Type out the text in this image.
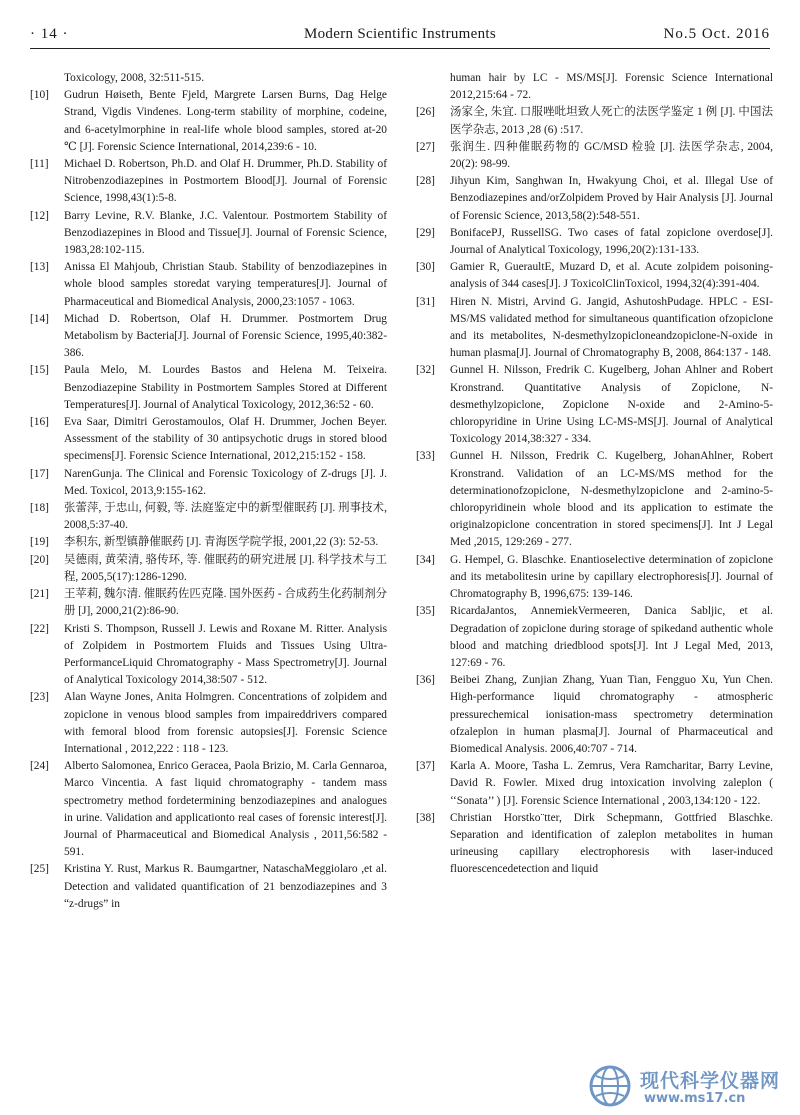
· 14 ·	Modern Scientific Instruments	No.5 Oct. 2016
Toxicology, 2008, 32:511-515.
[10] Gudrun Høiseth, Bente Fjeld, Margrete Larsen Burns, Dag Helge Strand, Vigdis Vindenes. Long-term stability of morphine, codeine, and 6-acetylmorphine in real-life whole blood samples, stored at-20 ℃ [J]. Forensic Science International, 2014,239:6 - 10.
[11] Michael D. Robertson, Ph.D. and Olaf H. Drummer, Ph.D. Stability of Nitrobenzodiazepines in Postmortem Blood[J]. Journal of Forensic Science, 1998,43(1):5-8.
[12] Barry Levine, R.V. Blanke, J.C. Valentour. Postmortem Stability of Benzodiazepines in Blood and Tissue[J]. Journal of Forensic Science, 1983,28:102-115.
[13] Anissa El Mahjoub, Christian Staub. Stability of benzodiazepines in whole blood samples storedat varying temperatures[J]. Journal of Pharmaceutical and Biomedical Analysis, 2000,23:1057 - 1063.
[14] Michad D. Robertson, Olaf H. Drummer. Postmortem Drug Metabolism by Bacteria[J]. Journal of Forensic Science, 1995,40:382-386.
[15] Paula Melo, M. Lourdes Bastos and Helena M. Teixeira. Benzodiazepine Stability in Postmortem Samples Stored at Different Temperatures[J]. Journal of Analytical Toxicology, 2012,36:52 - 60.
[16] Eva Saar, Dimitri Gerostamoulos, Olaf H. Drummer, Jochen Beyer. Assessment of the stability of 30 antipsychotic drugs in stored blood specimens[J]. Forensic Science International, 2012,215:152 - 158.
[17] NarenGunja. The Clinical and Forensic Toxicology of Z-drugs [J]. J. Med. Toxicol, 2013,9:155-162.
[18] 张蕾萍, 于忠山, 何毅, 等. 法庭鉴定中的新型催眠药 [J]. 刑事技术, 2008,5:37-40.
[19] 李积东, 新型镇静催眠药 [J]. 青海医学院学报, 2001,22 (3): 52-53.
[20] 吴德雨, 黄荣清, 骆传环, 等. 催眠药的研究进展 [J]. 科学技术与工程, 2005,5(17):1286-1290.
[21] 王苹莉, 魏尔清. 催眠药佐匹克隆. 国外医药 - 合成药生化药制剂分册 [J], 2000,21(2):86-90.
[22] Kristi S. Thompson, Russell J. Lewis and Roxane M. Ritter. Analysis of Zolpidem in Postmortem Fluids and Tissues Using Ultra-PerformanceLiquid Chromatography - Mass Spectrometry[J]. Journal of Analytical Toxicology 2014,38:507 - 512.
[23] Alan Wayne Jones, Anita Holmgren. Concentrations of zolpidem and zopiclone in venous blood samples from impaireddrivers compared with femoral blood from forensic autopsies[J]. Forensic Science International , 2012,222 : 118 - 123.
[24] Alberto Salomonea, Enrico Geracea, Paola Brizio, M. Carla Gennaroa, Marco Vincentia. A fast liquid chromatography - tandem mass spectrometry method fordetermining benzodiazepines and analogues in urine. Validation and applicationto real cases of forensic interest[J]. Journal of Pharmaceutical and Biomedical Analysis , 2011,56:582 - 591.
[25] Kristina Y. Rust, Markus R. Baumgartner, NataschaMeggiolaro ,et al. Detection and validated quantification of 21 benzodiazepines and 3 “z-drugs” in
human hair by LC - MS/MS[J]. Forensic Science International 2012,215:64 - 72.
[26] 汤家全, 朱宜. 口服唑吡坦致人死亡的法医学鉴定 1 例 [J]. 中国法医学杂志, 2013 ,28 (6) :517.
[27] 张润生. 四种催眠药物的 GC/MSD 检验 [J]. 法医学杂志, 2004, 20(2): 98-99.
[28] Jihyun Kim, Sanghwan In, Hwakyung Choi, et al. Illegal Use of Benzodiazepines and/orZolpidem Proved by Hair Analysis [J]. Journal of Forensic Science, 2013,58(2):548-551.
[29] BonifacePJ, RussellSG. Two cases of fatal zopiclone overdose[J]. Journal of Analytical Toxicology, 1996,20(2):131-133.
[30] Gamier R, GueraultE, Muzard D, et al. Acute zolpidem poisoning-analysis of 344 cases[J]. J ToxicolClinToxicol, 1994,32(4):391-404.
[31] Hiren N. Mistri, Arvind G. Jangid, AshutoshPudage. HPLC - ESI-MS/MS validated method for simultaneous quantification ofzopiclone and its metabolites, N-desmethylzopicloneandzopiclone-N-oxide in human plasma[J]. Journal of Chromatography B, 2008, 864:137 - 148.
[32] Gunnel H. Nilsson, Fredrik C. Kugelberg, Johan Ahlner and Robert Kronstrand. Quantitative Analysis of Zopiclone, N-desmethylzopiclone, Zopiclone N-oxide and 2-Amino-5-chloropyridine in Urine Using LC-MS-MS[J]. Journal of Analytical Toxicology 2014,38:327 - 334.
[33] Gunnel H. Nilsson, Fredrik C. Kugelberg, JohanAhlner, Robert Kronstrand. Validation of an LC-MS/MS method for the determinationofzopiclone, N-desmethylzopiclone and 2-amino-5-chloropyridinein whole blood and its application to estimate the originalzopiclone concentration in stored specimens[J]. Int J Legal Med ,2015, 129:269 - 277.
[34] G. Hempel, G. Blaschke. Enantioselective determination of zopiclone and its metabolitesin urine by capillary electrophoresis[J]. Journal of Chromatography B, 1996,675: 139-146.
[35] RicardaJantos, AnnemiekVermeeren, Danica Sabljic, et al. Degradation of zopiclone during storage of spikedand authentic whole blood and matching driedblood spots[J]. Int J Legal Med, 2013, 127:69 - 76.
[36] Beibei Zhang, Zunjian Zhang, Yuan Tian, Fengguo Xu, Yun Chen. High-performance liquid chromatography - atmospheric pressurechemical ionisation-mass spectrometry determination ofzaleplon in human plasma[J]. Journal of Pharmaceutical and Biomedical Analysis. 2006,40:707 - 714.
[37] Karla A. Moore, Tasha L. Zemrus, Vera Ramcharitar, Barry Levine, David R. Fowler. Mixed drug intoxication involving zaleplon ( ‘‘Sonata’’ ) [J]. Forensic Science International , 2003,134:120 - 122.
[38] Christian Horstko¨tter, Dirk Schepmann, Gottfried Blaschke. Separation and identification of zaleplon metabolites in human urineusing capillary electrophoresis with laser-induced fluorescencedetection and liquid
现代科学仪器网
www.ms17.cn
